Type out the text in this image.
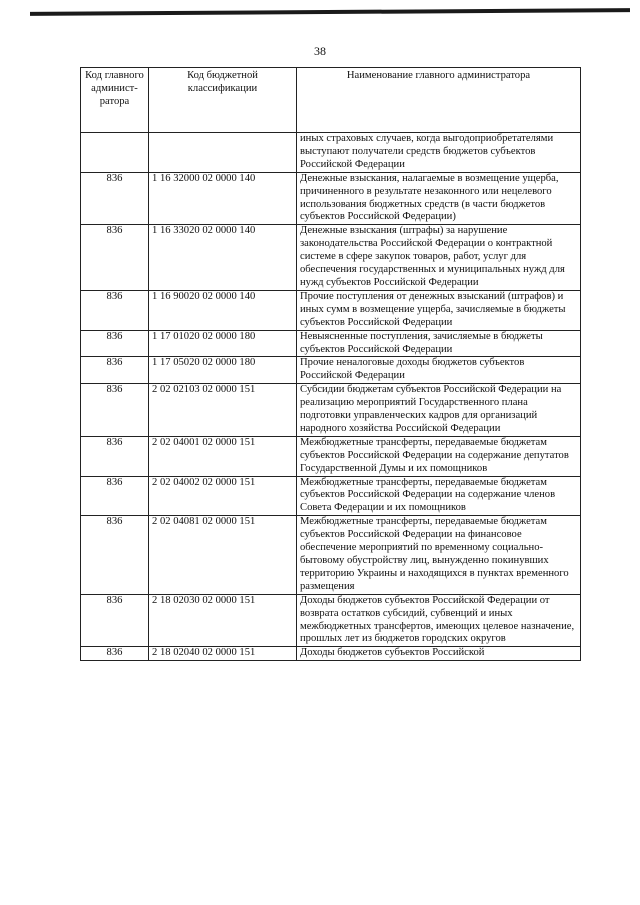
38
Код главного админист-ратора	Код бюджетной классификации	Наименование главного администратора
		иных страховых случаев, когда выгодоприобретателями выступают получатели средств бюджетов субъектов Российской Федерации
836	1 16 32000 02 0000 140	Денежные взыскания, налагаемые в возмещение ущерба, причиненного в результате незаконного или нецелевого использования бюджетных средств (в части бюджетов субъектов Российской Федерации)
836	1 16 33020 02 0000 140	Денежные взыскания (штрафы) за нарушение законодательства Российской Федерации о контрактной системе в сфере закупок товаров, работ, услуг для обеспечения государственных и муниципальных нужд для нужд субъектов Российской Федерации
836	1 16 90020 02 0000 140	Прочие поступления от денежных взысканий (штрафов) и иных сумм в возмещение ущерба, зачисляемые в бюджеты субъектов Российской Федерации
836	1 17 01020 02 0000 180	Невыясненные поступления, зачисляемые в бюджеты субъектов Российской Федерации
836	1 17 05020 02 0000 180	Прочие неналоговые доходы бюджетов субъектов Российской Федерации
836	2 02 02103 02 0000 151	Субсидии бюджетам субъектов Российской Федерации на реализацию мероприятий Государственного плана подготовки управленческих кадров для организаций народного хозяйства Российской Федерации
836	2 02 04001 02 0000 151	Межбюджетные трансферты, передаваемые бюджетам субъектов Российской Федерации на содержание депутатов Государственной Думы и их помощников
836	2 02 04002 02 0000 151	Межбюджетные трансферты, передаваемые бюджетам субъектов Российской Федерации на содержание членов Совета Федерации и их помощников
836	2 02 04081 02 0000 151	Межбюджетные трансферты, передаваемые бюджетам субъектов Российской Федерации на финансовое обеспечение мероприятий по временному социально-бытовому обустройству лиц, вынужденно покинувших территорию Украины и находящихся в пунктах временного размещения
836	2 18 02030 02 0000 151	Доходы бюджетов субъектов Российской Федерации от возврата остатков субсидий, субвенций и иных межбюджетных трансфертов, имеющих целевое назначение, прошлых лет из бюджетов городских округов
836	2 18 02040 02 0000 151	Доходы бюджетов субъектов Российской
